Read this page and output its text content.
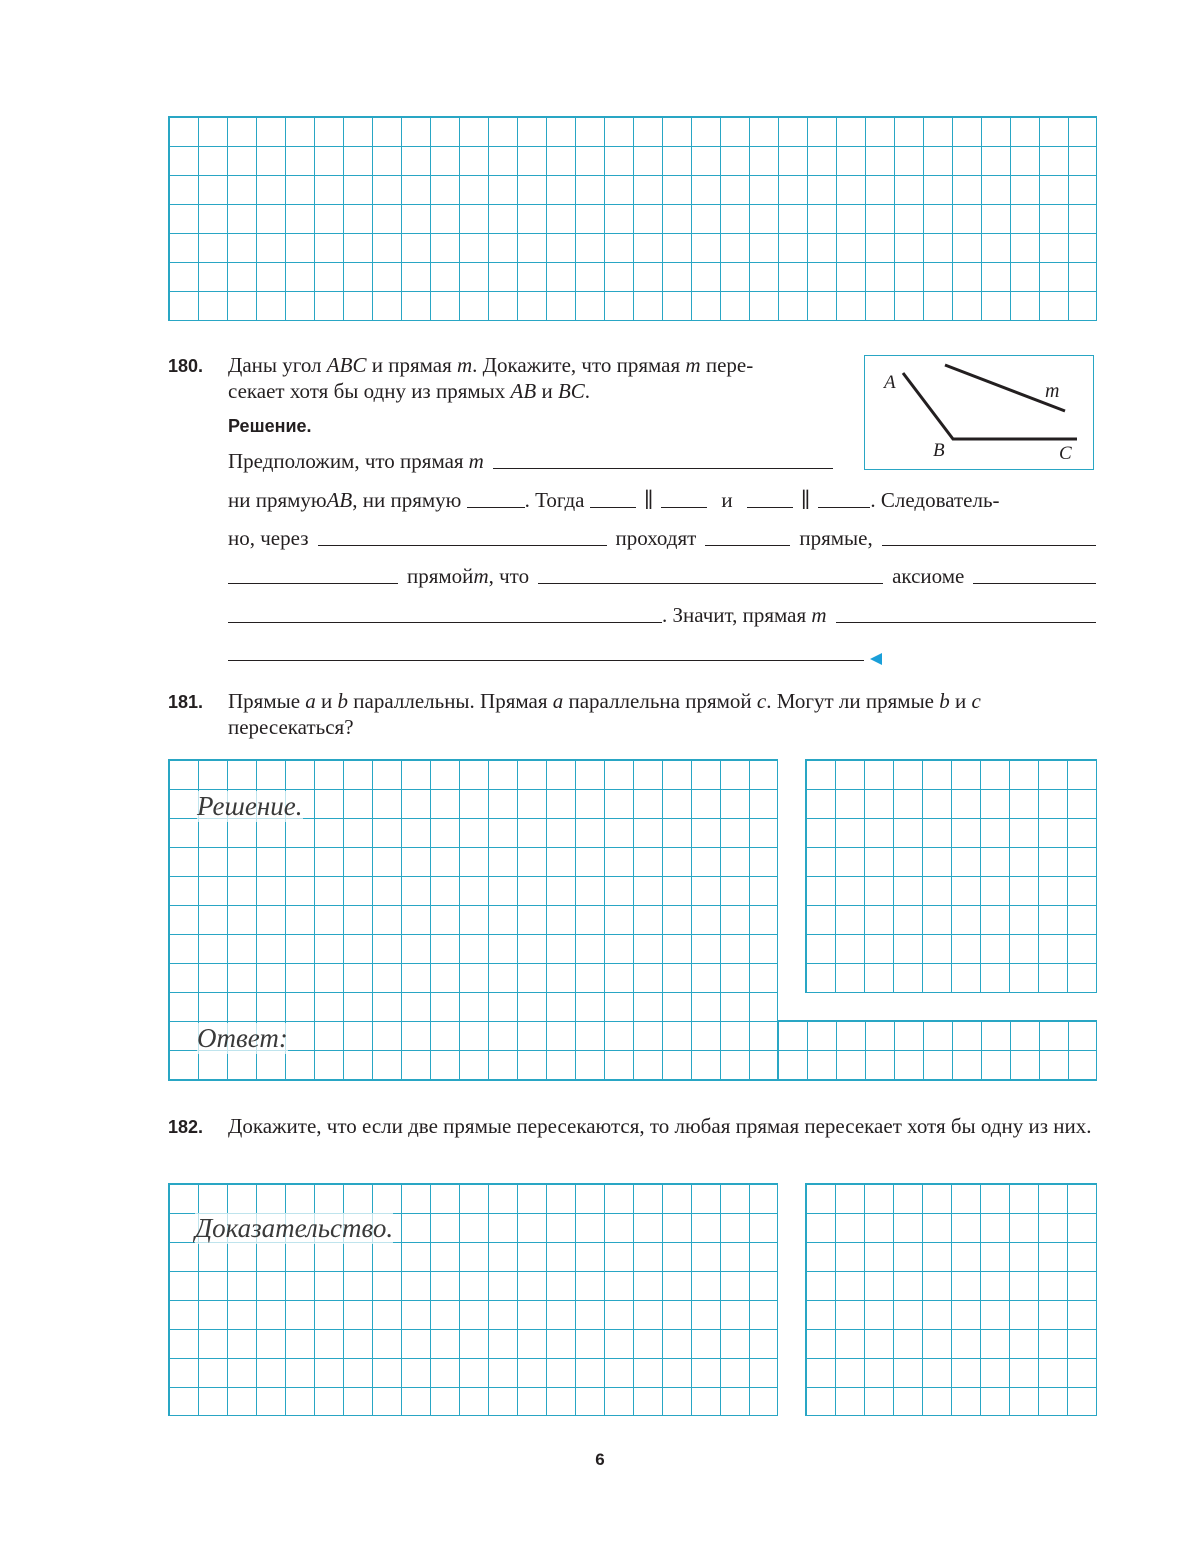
180. Даны угол ABC и прямая m. Докажите, что прямая m пере-
секает хотя бы одну из прямых AB и BC.	A
B	C
m
Решение.
Предположим, что прямая m
ни прямую AB , ни прямую	. Тогда	∥	и	∥	. Следователь-
но, через	проходят	прямые,
прямой m , что	аксиоме
. Значит, прямая m
181. Прямые a и b параллельны. Прямая a параллельна прямой c. Могут ли прямые b и c
пересекаться?
Решение.
Ответ:
182. Докажите, что если две прямые пересекаются, то любая прямая пересекает хотя бы одну из них.
Доказательство.
6
